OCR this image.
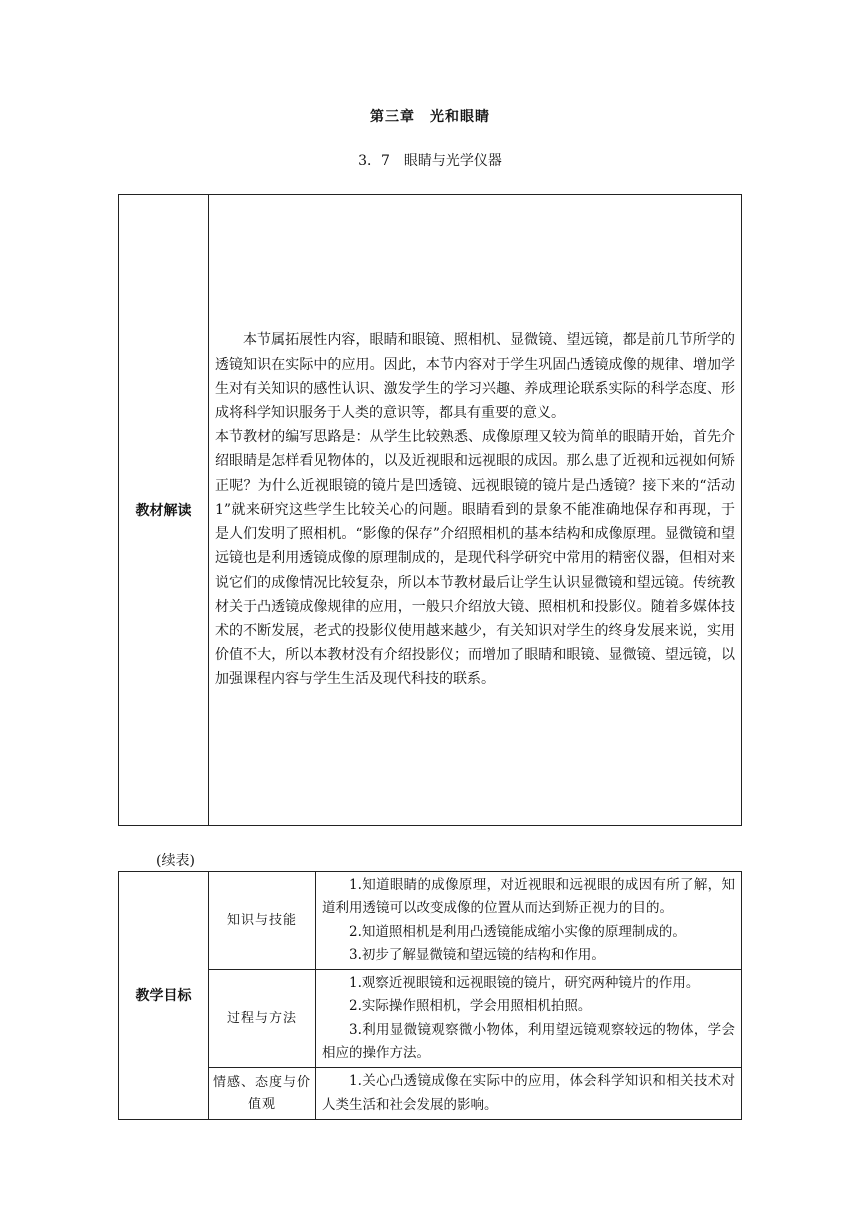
第三章　光和眼睛
3．7　眼睛与光学仪器
教材解读	

本节属拓展性内容，眼睛和眼镜、照相机、显微镜、望远镜，都是前几节所学的透镜知识在实际中的应用。因此，本节内容对于学生巩固凸透镜成像的规律、增加学生对有关知识的感性认识、激发学生的学习兴趣、养成理论联系实际的科学态度、形成将科学知识服务于人类的意识等，都具有重要的意义。

本节教材的编写思路是：从学生比较熟悉、成像原理又较为简单的眼睛开始，首先介绍眼睛是怎样看见物体的，以及近视眼和远视眼的成因。那么患了近视和远视如何矫正呢？为什么近视眼镜的镜片是凹透镜、远视眼镜的镜片是凸透镜？接下来的“活动 1”就来研究这些学生比较关心的问题。眼睛看到的景象不能准确地保存和再现，于是人们发明了照相机。“影像的保存”介绍照相机的基本结构和成像原理。显微镜和望远镜也是利用透镜成像的原理制成的，是现代科学研究中常用的精密仪器，但相对来说它们的成像情况比较复杂，所以本节教材最后让学生认识显微镜和望远镜。传统教材关于凸透镜成像规律的应用，一般只介绍放大镜、照相机和投影仪。随着多媒体技术的不断发展，老式的投影仪使用越来越少，有关知识对学生的终身发展来说，实用价值不大，所以本教材没有介绍投影仪；而增加了眼睛和眼镜、显微镜、望远镜，以加强课程内容与学生生活及现代科技的联系。

(续表)
教学目标	知识与技能	1.知道眼睛的成像原理，对近视眼和远视眼的成因有所了解，知道利用透镜可以改变成像的位置从而达到矫正视力的目的。

2.知道照相机是利用凸透镜能成缩小实像的原理制成的。

3.初步了解显微镜和望远镜的结构和作用。

	过程与方法	1.观察近视眼镜和远视眼镜的镜片，研究两种镜片的作用。

2.实际操作照相机，学会用照相机拍照。

3.利用显微镜观察微小物体，利用望远镜观察较远的物体，学会相应的操作方法。

	情感、态度与价值观	1.关心凸透镜成像在实际中的应用，体会科学知识和相关技术对人类生活和社会发展的影响。
